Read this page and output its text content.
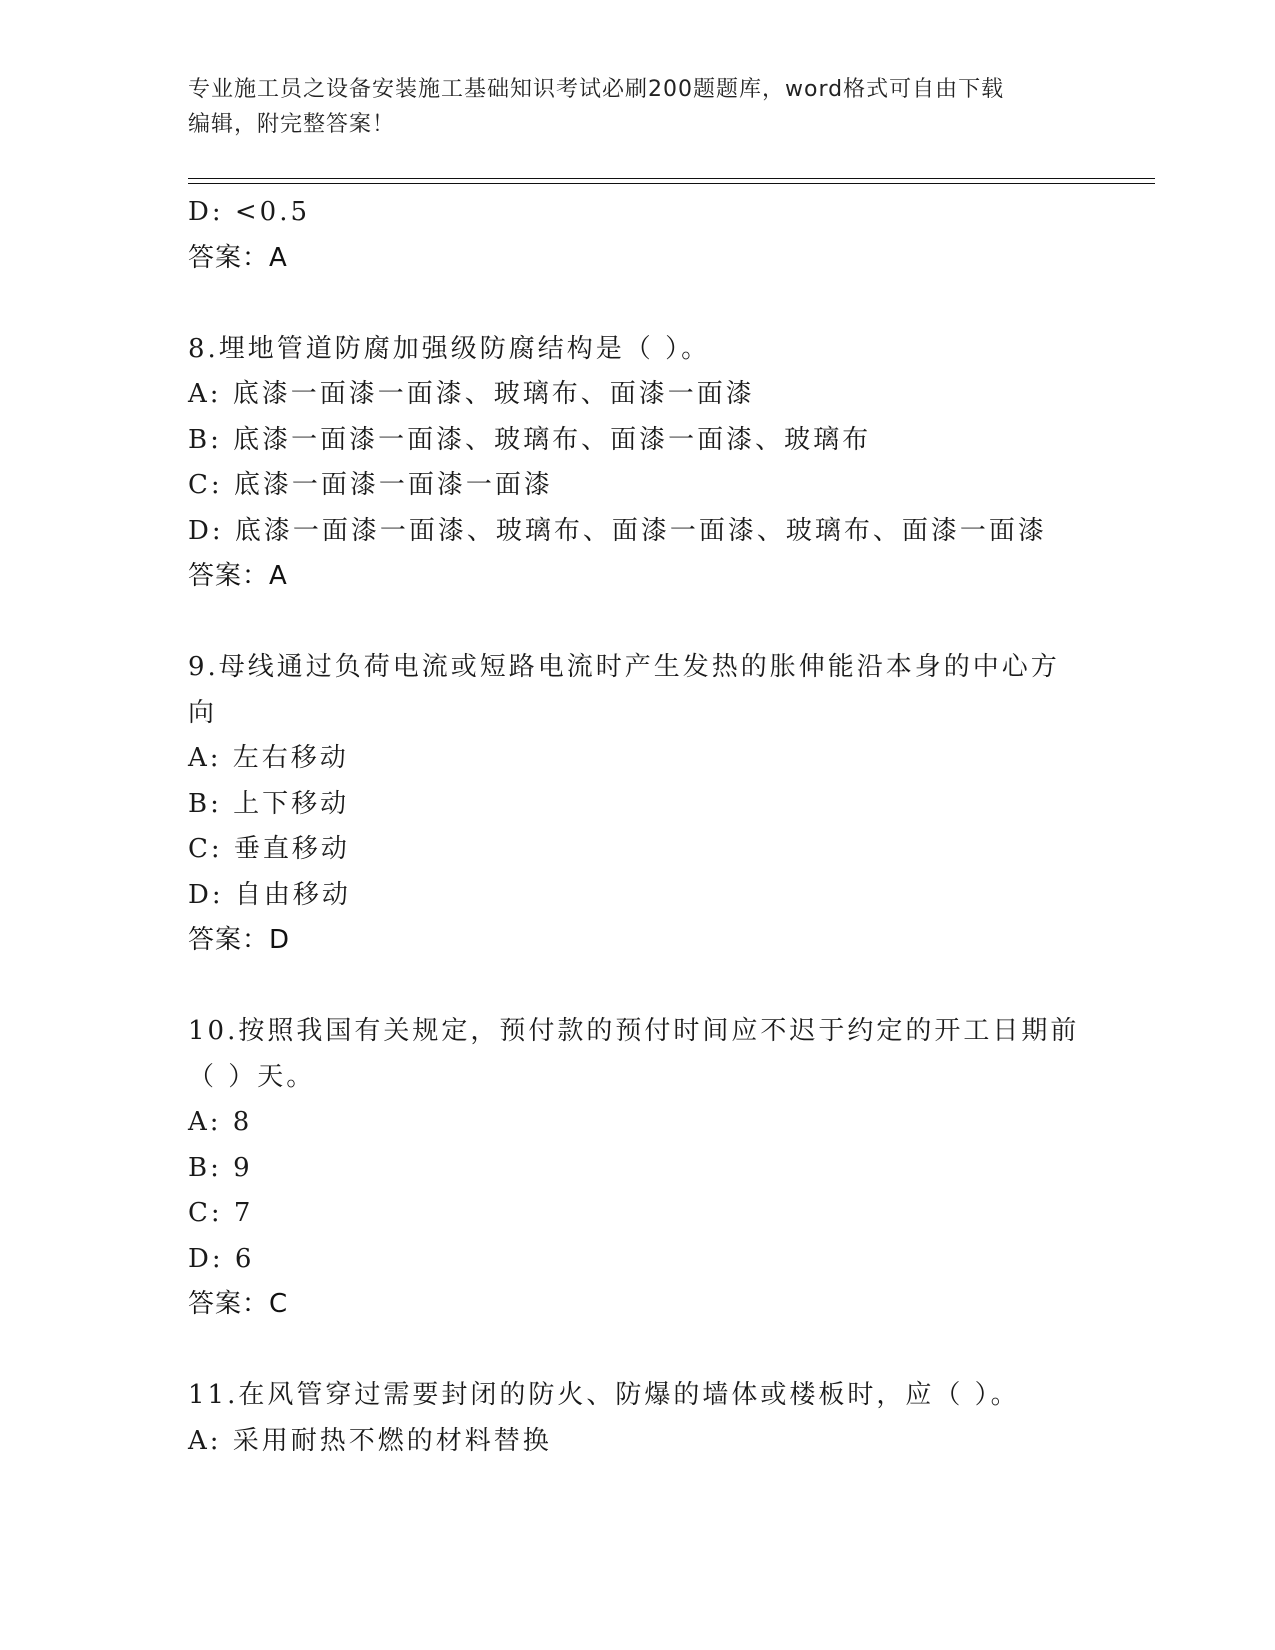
专业施工员之设备安装施工基础知识考试必刷200题题库，word格式可自由下载
编辑，附完整答案！
D: <0.5
答案：A
8.埋地管道防腐加强级防腐结构是（ ）。
A: 底漆一面漆一面漆、玻璃布、面漆一面漆
B: 底漆一面漆一面漆、玻璃布、面漆一面漆、玻璃布
C: 底漆一面漆一面漆一面漆
D: 底漆一面漆一面漆、玻璃布、面漆一面漆、玻璃布、面漆一面漆
答案：A
9.母线通过负荷电流或短路电流时产生发热的胀伸能沿本身的中心方
向
A: 左右移动
B: 上下移动
C: 垂直移动
D: 自由移动
答案：D
10.按照我国有关规定，预付款的预付时间应不迟于约定的开工日期前
（ ）天。
A: 8
B: 9
C: 7
D: 6
答案：C
11.在风管穿过需要封闭的防火、防爆的墙体或楼板时，应（ ）。
A: 采用耐热不燃的材料替换
